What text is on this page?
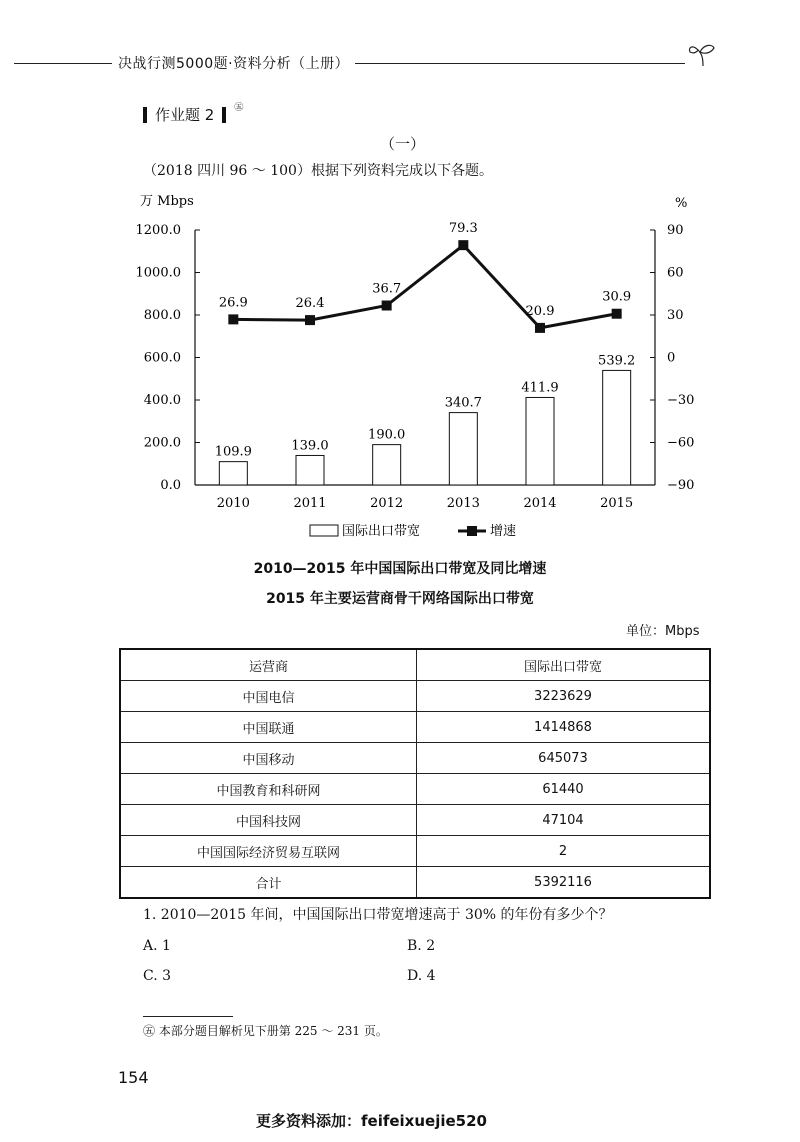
决战行测5000题·资料分析（上册）
作业题 2 $^㊄$
（一）
（2018 四川 96 ～ 100）根据下列资料完成以下各题。
万 Mbps	%
0.0
200.0
400.0
600.0
800.0
1000.0
1200.0
−90
−60
−30
0
30
60
90
109.9	139.0
190.0
340.7
411.9
539.2
26.9	26.4
36.7
79.3
20.9
30.9
2010	2011	2012	2013	2014	2015
国际出口带宽	增速
2010—2015 年中国国际出口带宽及同比增速
2015 年主要运营商骨干网络国际出口带宽
单位：Mbps
运营商	国际出口带宽
中国电信	3223629
中国联通	1414868
中国移动	645073
中国教育和科研网	61440
中国科技网	47104
中国国际经济贸易互联网	2
合计	5392116
1. 2010—2015 年间，中国国际出口带宽增速高于 30% 的年份有多少个？
A. 1	B. 2
C. 3	D. 4
㊄ 本部分题目解析见下册第 225 ～ 231 页。
154
更多资料添加：feifeixuejie520
